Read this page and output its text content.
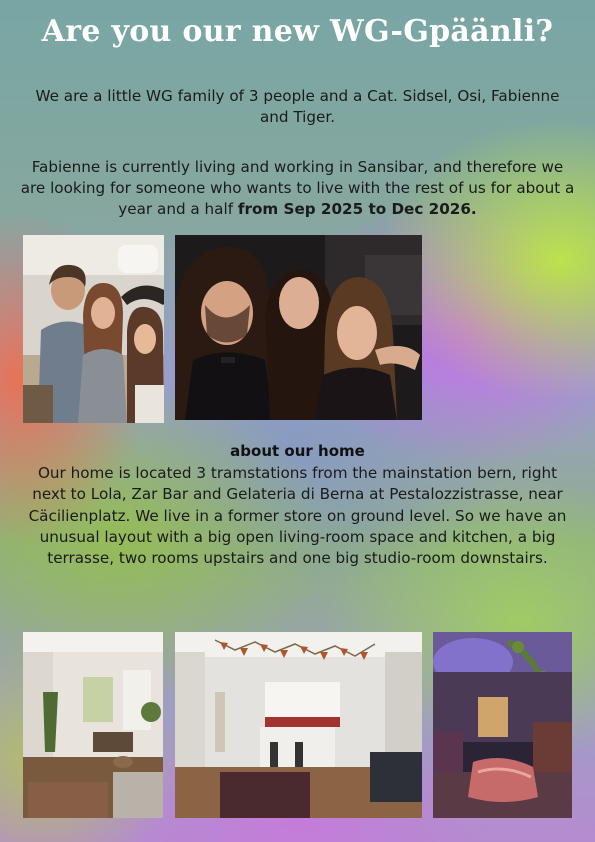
Are you our new WG-Gpäänli?

We are a little WG family of 3 people and a Cat. Sidsel, Osi, Fabienne and Tiger.

Fabienne is currently living and working in Sansibar, and therefore we are looking for someone who wants to live with the rest of us for about a year and a half from Sep 2025 to Dec 2026.

about our home

Our home is located 3 tramstations from the mainstation bern, right next to Lola, Zar Bar and Gelateria di Berna at Pestalozzistrasse, near Cäcilienplatz. We live in a former store on ground level. So we have an unusual layout with a big open living-room space and kitchen, a big terrasse, two rooms upstairs and one big studio-room downstairs.
